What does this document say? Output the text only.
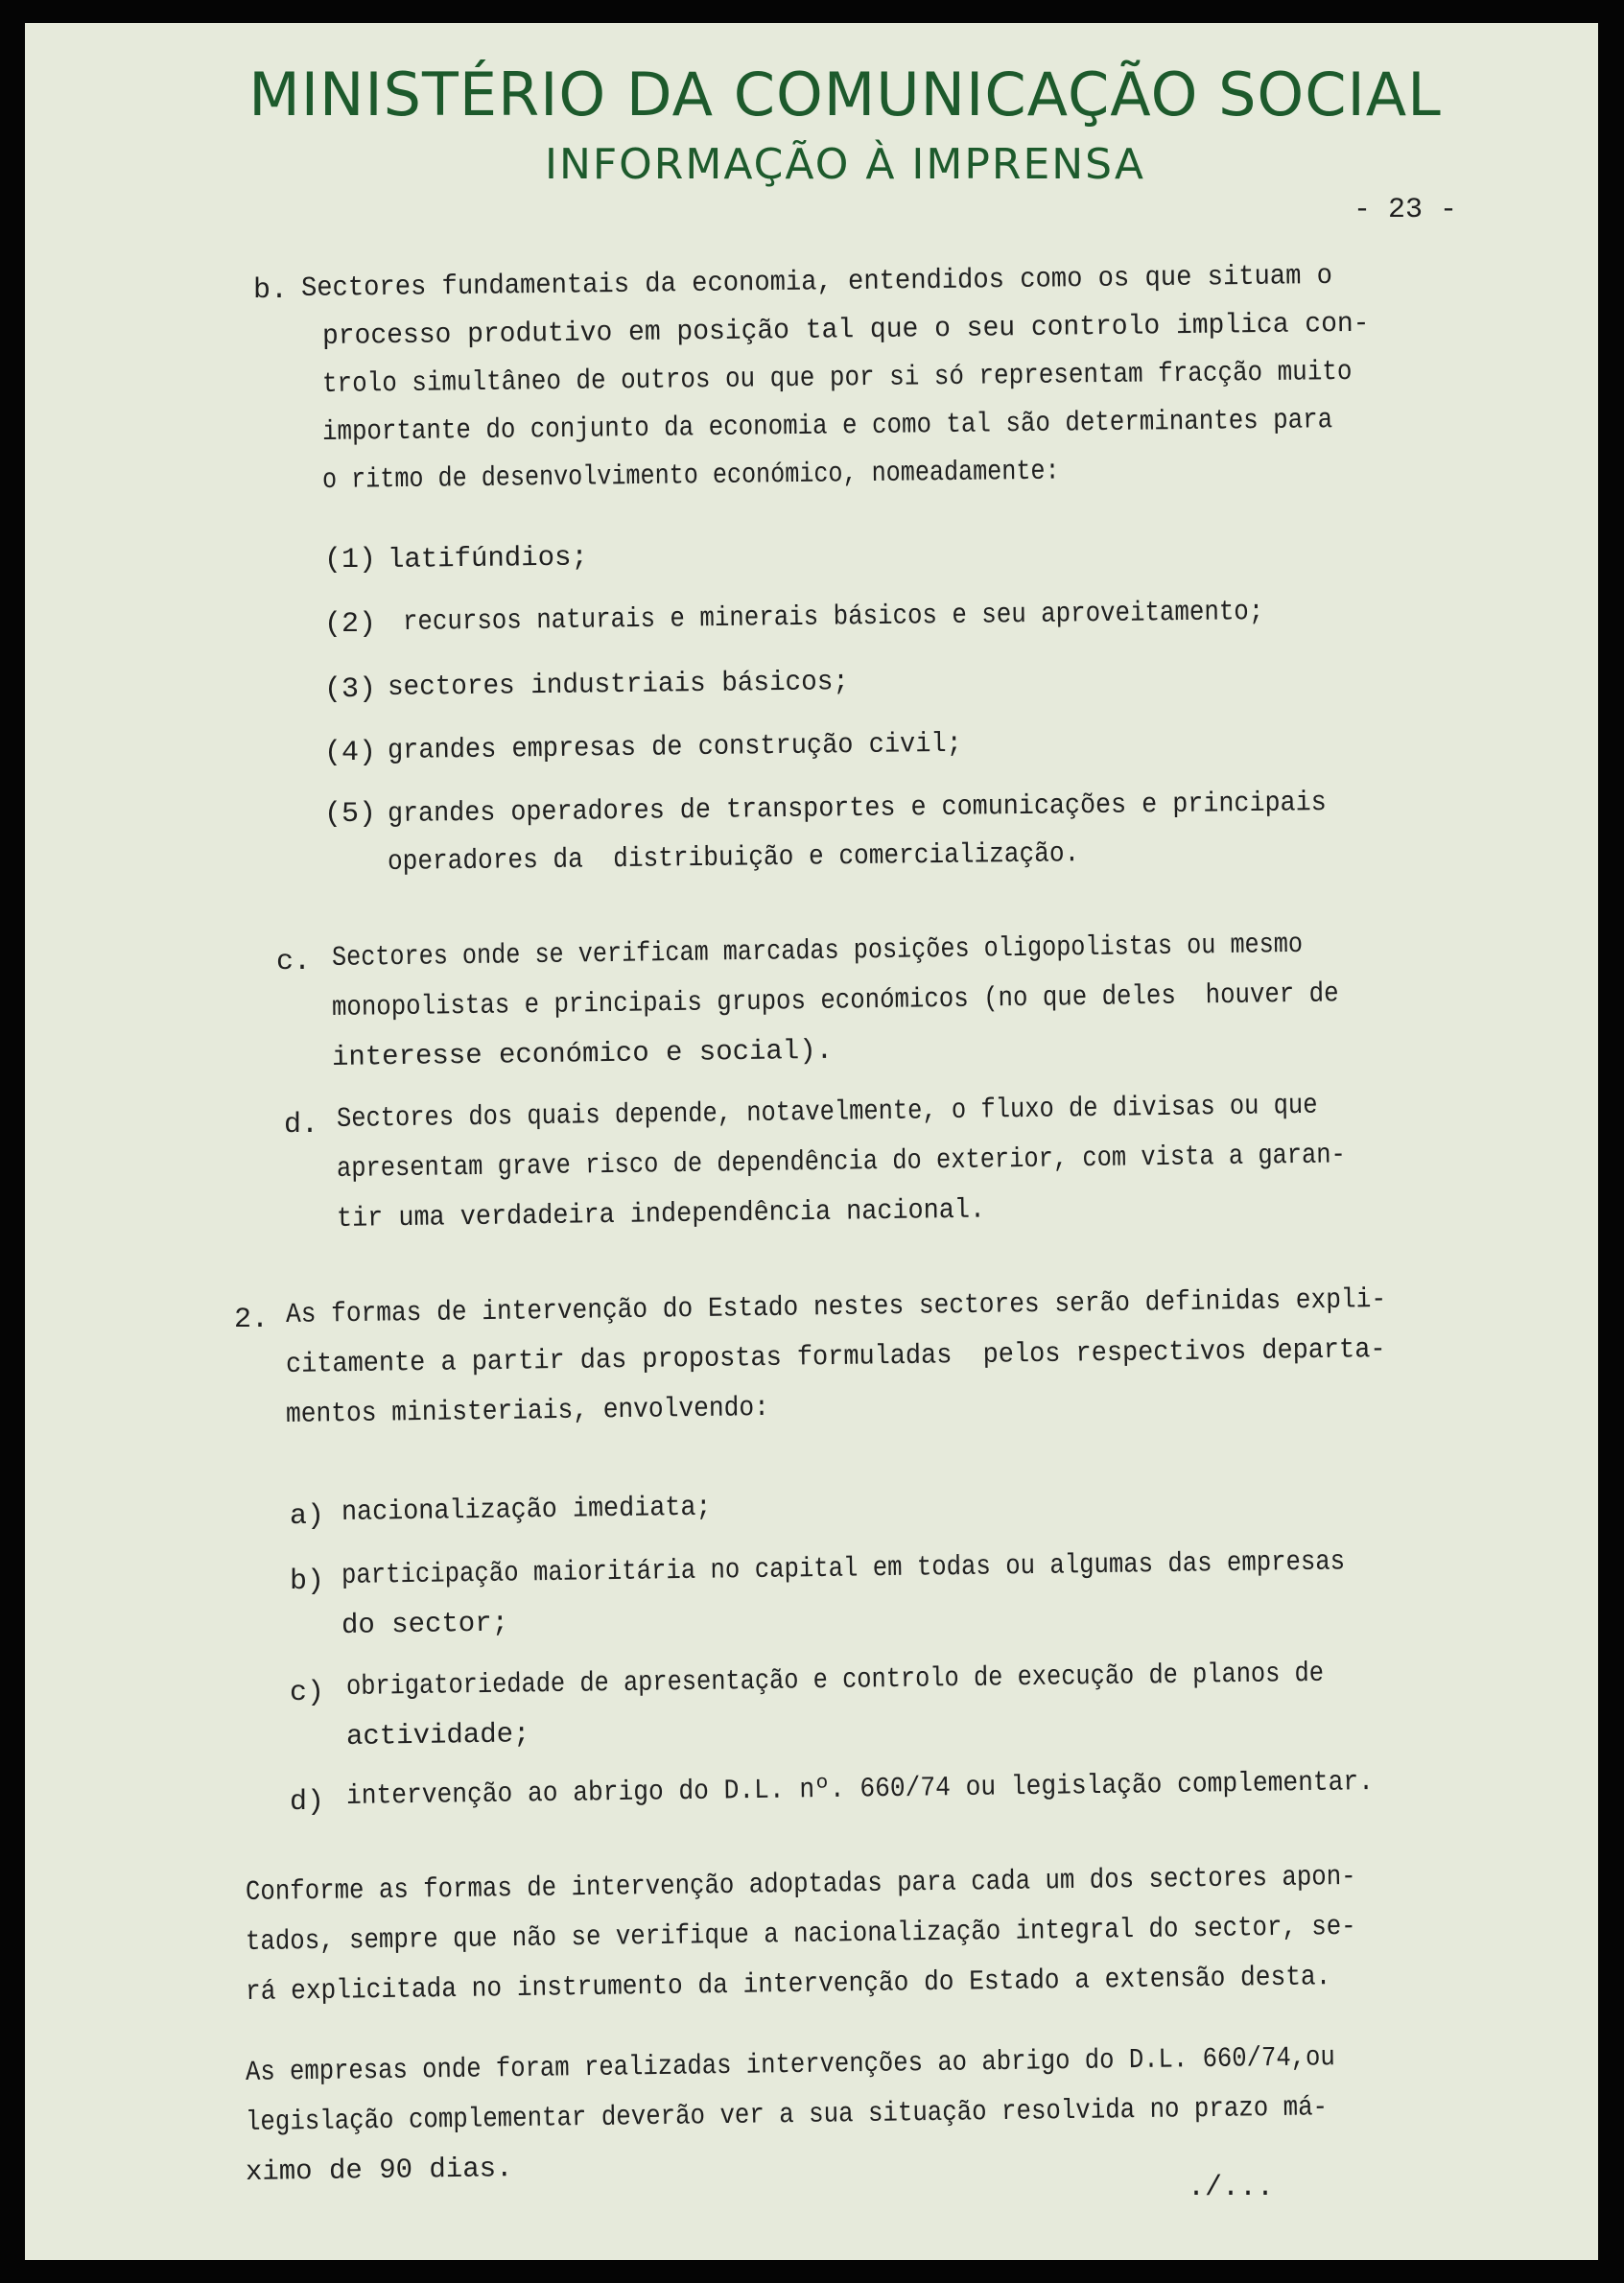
MINISTÉRIO DA COMUNICAÇÃO SOCIAL
INFORMAÇÃO À IMPRENSA
- 23 -
b. Sectores fundamentais da economia, entendidos como os que situam o
processo produtivo em posição tal que o seu controlo implica con-
trolo simultâneo de outros ou que por si só representam fracção muito
importante do conjunto da economia e como tal são determinantes para
o ritmo de desenvolvimento económico, nomeadamente:
(1) latifúndios;
(2) recursos naturais e minerais básicos e seu aproveitamento;
(3) sectores industriais básicos;
(4) grandes empresas de construção civil;
(5) grandes operadores de transportes e comunicações e principais
operadores da  distribuição e comercialização.
c. Sectores onde se verificam marcadas posições oligopolistas ou mesmo
monopolistas e principais grupos económicos (no que deles  houver de
interesse económico e social).
d. Sectores dos quais depende, notavelmente, o fluxo de divisas ou que
apresentam grave risco de dependência do exterior, com vista a garan-
tir uma verdadeira independência nacional.
2. As formas de intervenção do Estado nestes sectores serão definidas expli-
citamente a partir das propostas formuladas  pelos respectivos departa-
mentos ministeriais, envolvendo:
a) nacionalização imediata;
b) participação maioritária no capital em todas ou algumas das empresas
do sector;
c) obrigatoriedade de apresentação e controlo de execução de planos de
actividade;
d) intervenção ao abrigo do D.L. nº. 660/74 ou legislação complementar.
Conforme as formas de intervenção adoptadas para cada um dos sectores apon-
tados, sempre que não se verifique a nacionalização integral do sector, se-
rá explicitada no instrumento da intervenção do Estado a extensão desta.
As empresas onde foram realizadas intervenções ao abrigo do D.L. 660/74,ou
legislação complementar deverão ver a sua situação resolvida no prazo má-
ximo de 90 dias.
./...
